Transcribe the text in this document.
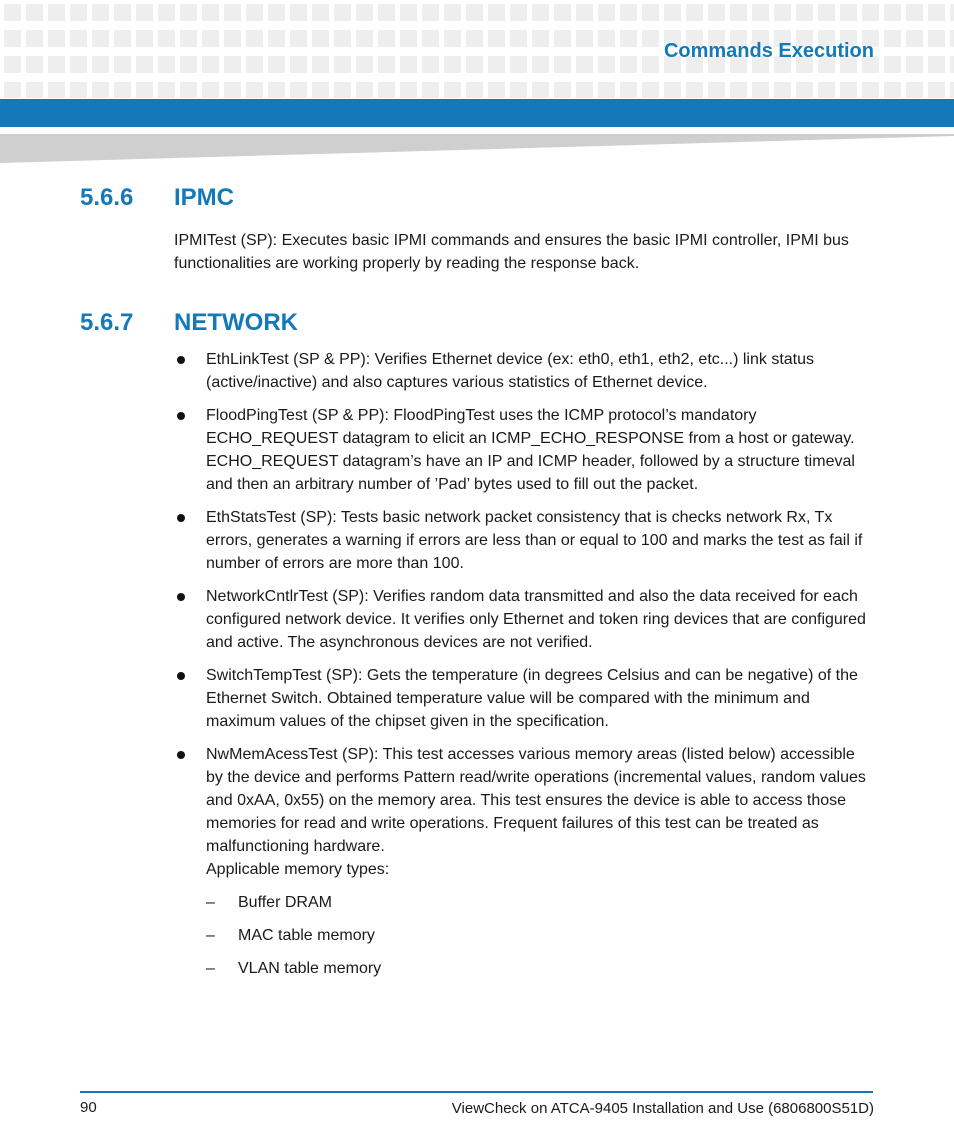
Commands Execution
5.6.6 IPMC
IPMITest (SP): Executes basic IPMI commands and ensures the basic IPMI controller, IPMI bus functionalities are working properly by reading the response back.
5.6.7 NETWORK
EthLinkTest (SP & PP): Verifies Ethernet device (ex: eth0, eth1, eth2, etc...) link status (active/inactive) and also captures various statistics of Ethernet device.
FloodPingTest (SP & PP): FloodPingTest uses the ICMP protocol’s mandatory ECHO_REQUEST datagram to elicit an ICMP_ECHO_RESPONSE from a host or gateway. ECHO_REQUEST datagram’s have an IP and ICMP header, followed by a structure timeval and then an arbitrary number of ’Pad’ bytes used to fill out the packet.
EthStatsTest (SP): Tests basic network packet consistency that is checks network Rx, Tx errors, generates a warning if errors are less than or equal to 100 and marks the test as fail if number of errors are more than 100.
NetworkCntlrTest (SP): Verifies random data transmitted and also the data received for each configured network device. It verifies only Ethernet and token ring devices that are configured and active. The asynchronous devices are not verified.
SwitchTempTest (SP): Gets the temperature (in degrees Celsius and can be negative) of the Ethernet Switch. Obtained temperature value will be compared with the minimum and maximum values of the chipset given in the specification.
NwMemAcessTest (SP): This test accesses various memory areas (listed below) accessible by the device and performs Pattern read/write operations (incremental values, random values and 0xAA, 0x55) on the memory area. This test ensures the device is able to access those memories for read and write operations. Frequent failures of this test can be treated as malfunctioning hardware.
Applicable memory types:
– Buffer DRAM
– MAC table memory
– VLAN table memory
90	ViewCheck on ATCA-9405 Installation and Use (6806800S51D)
